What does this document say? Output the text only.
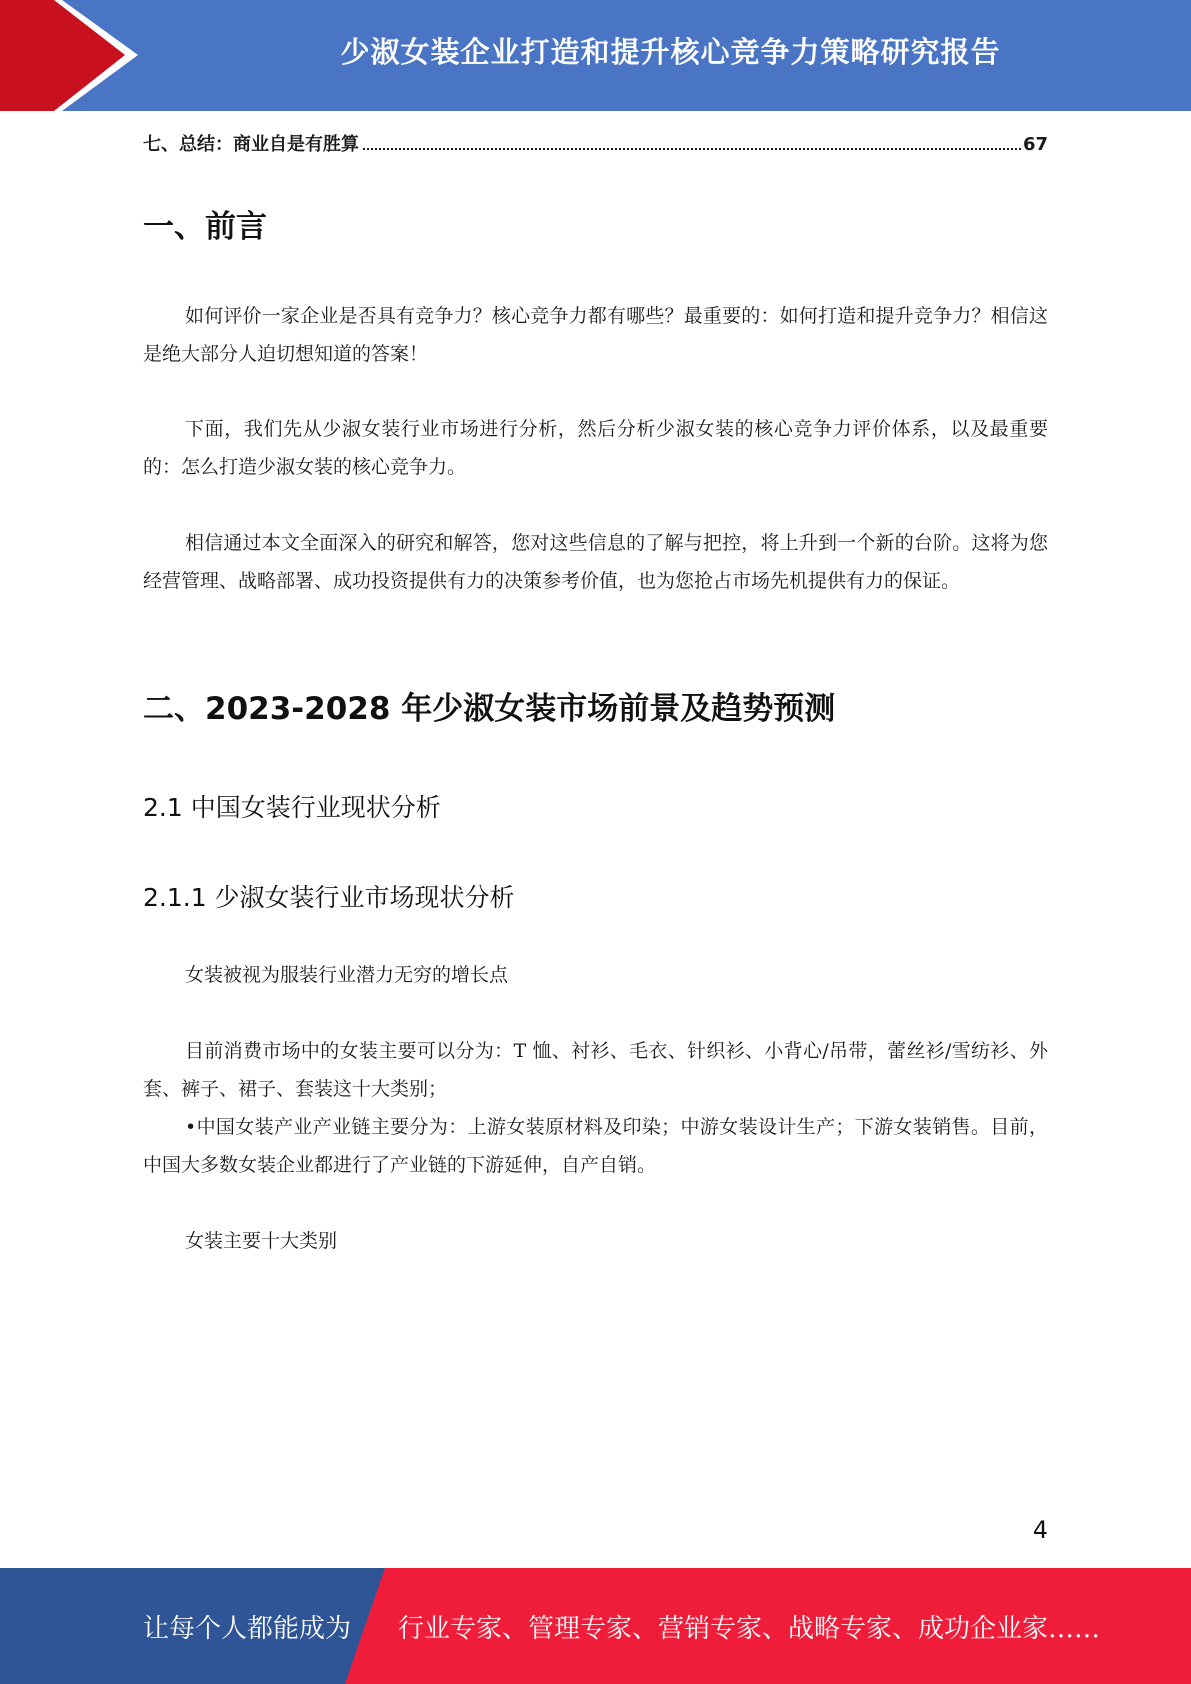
少淑女装企业打造和提升核心竞争力策略研究报告
七、总结：商业自是有胜算	67
一、前言
如何评价一家企业是否具有竞争力？核心竞争力都有哪些？最重要的：如何打造和提升竞争力？相信这是绝大部分人迫切想知道的答案！
下面，我们先从少淑女装行业市场进行分析，然后分析少淑女装的核心竞争力评价体系，以及最重要的：怎么打造少淑女装的核心竞争力。
相信通过本文全面深入的研究和解答，您对这些信息的了解与把控，将上升到一个新的台阶。这将为您经营管理、战略部署、成功投资提供有力的决策参考价值，也为您抢占市场先机提供有力的保证。
二、2023-2028 年少淑女装市场前景及趋势预测
2.1 中国女装行业现状分析
2.1.1 少淑女装行业市场现状分析
女装被视为服装行业潜力无穷的增长点
目前消费市场中的女装主要可以分为：T 恤、衬衫、毛衣、针织衫、小背心/吊带，蕾丝衫/雪纺衫、外套、裤子、裙子、套装这十大类别；
•中国女装产业产业链主要分为：上游女装原材料及印染；中游女装设计生产；下游女装销售。目前，中国大多数女装企业都进行了产业链的下游延伸，自产自销。
女装主要十大类别
4
让每个人都能成为 行业专家、管理专家、营销专家、战略专家、成功企业家……
